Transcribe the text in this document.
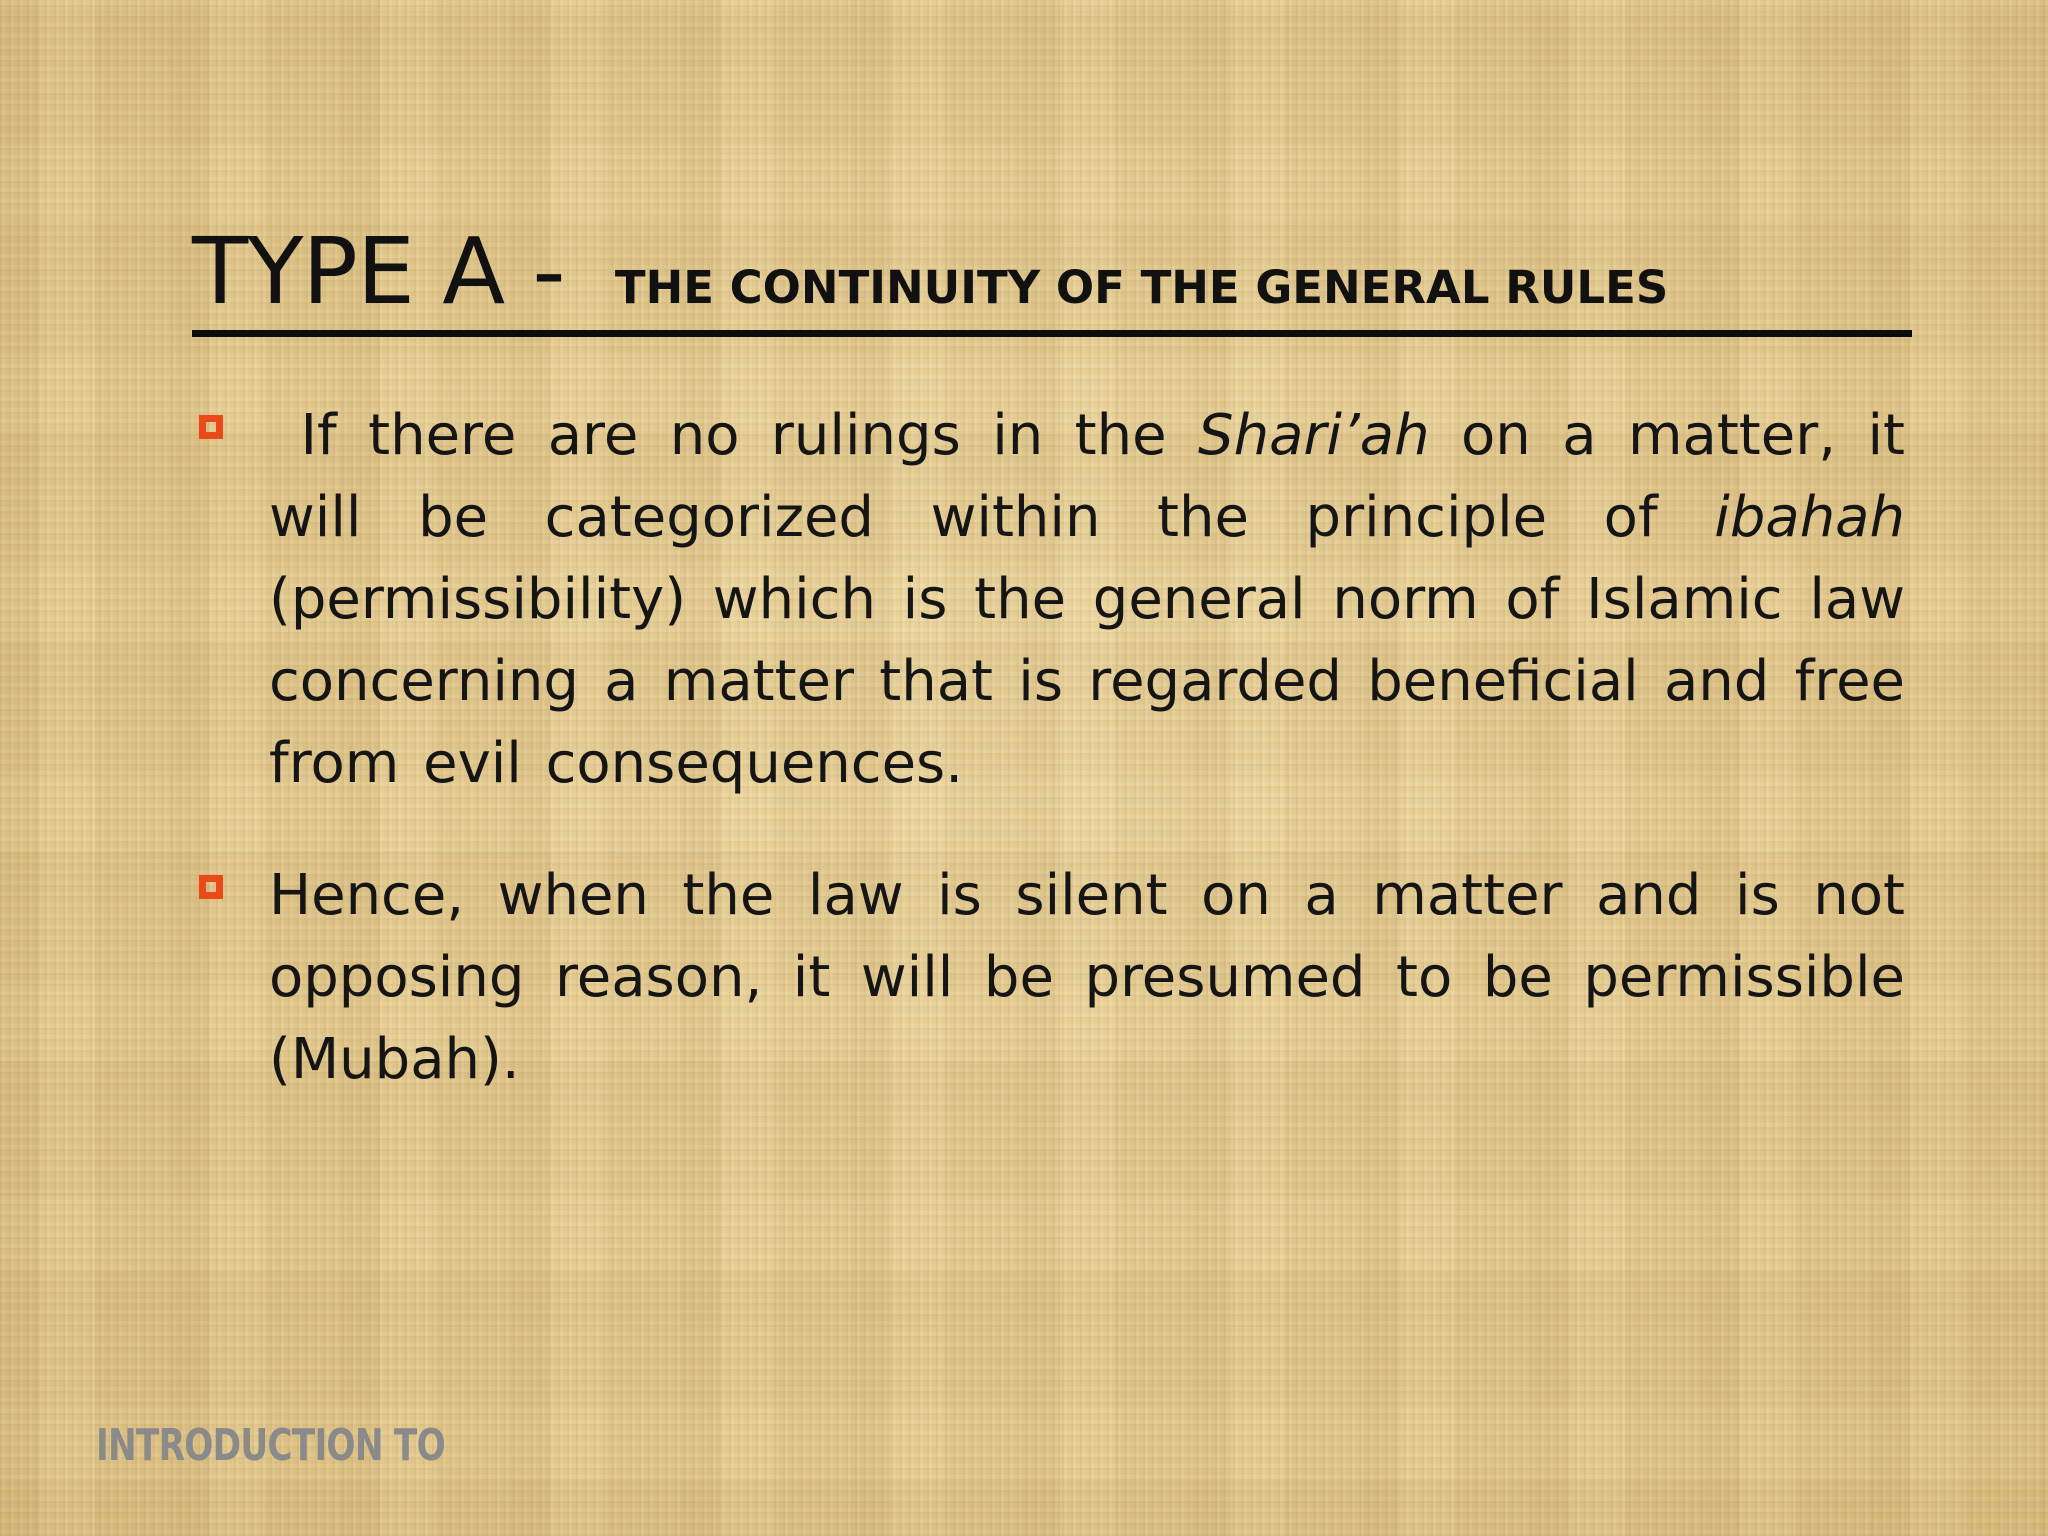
TYPE A - THE CONTINUITY OF THE GENERAL RULES
If there are no rulings in the Shari’ah on a matter, it will be categorized within the principle of ibahah (permissibility) which is the general norm of Islamic law concerning a matter that is regarded beneficial and free from evil consequences.
Hence, when the law is silent on a matter and is not opposing reason, it will be presumed to be permissible (Mubah).
INTRODUCTION TO
